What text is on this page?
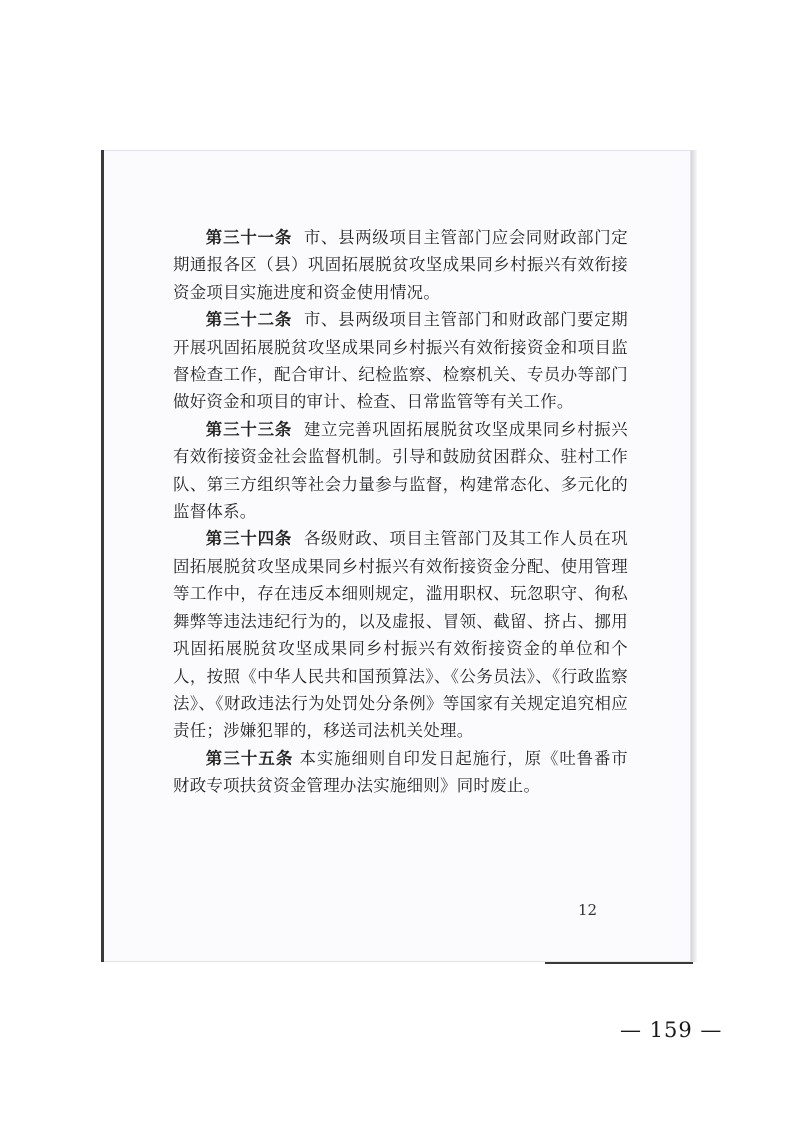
第三十一条 市、县两级项目主管部门应会同财政部门定期通报各区（县）巩固拓展脱贫攻坚成果同乡村振兴有效衔接资金项目实施进度和资金使用情况。

第三十二条 市、县两级项目主管部门和财政部门要定期开展巩固拓展脱贫攻坚成果同乡村振兴有效衔接资金和项目监督检查工作，配合审计、纪检监察、检察机关、专员办等部门做好资金和项目的审计、检查、日常监管等有关工作。

第三十三条 建立完善巩固拓展脱贫攻坚成果同乡村振兴有效衔接资金社会监督机制。引导和鼓励贫困群众、驻村工作队、第三方组织等社会力量参与监督，构建常态化、多元化的监督体系。

第三十四条 各级财政、项目主管部门及其工作人员在巩固拓展脱贫攻坚成果同乡村振兴有效衔接资金分配、使用管理等工作中，存在违反本细则规定，滥用职权、玩忽职守、徇私舞弊等违法违纪行为的，以及虚报、冒领、截留、挤占、挪用巩固拓展脱贫攻坚成果同乡村振兴有效衔接资金的单位和个人，按照《中华人民共和国预算法》、《公务员法》、《行政监察法》、《财政违法行为处罚处分条例》等国家有关规定追究相应责任；涉嫌犯罪的，移送司法机关处理。

第三十五条 本实施细则自印发日起施行，原《吐鲁番市财政专项扶贫资金管理办法实施细则》同时废止。

12
— 159 —
